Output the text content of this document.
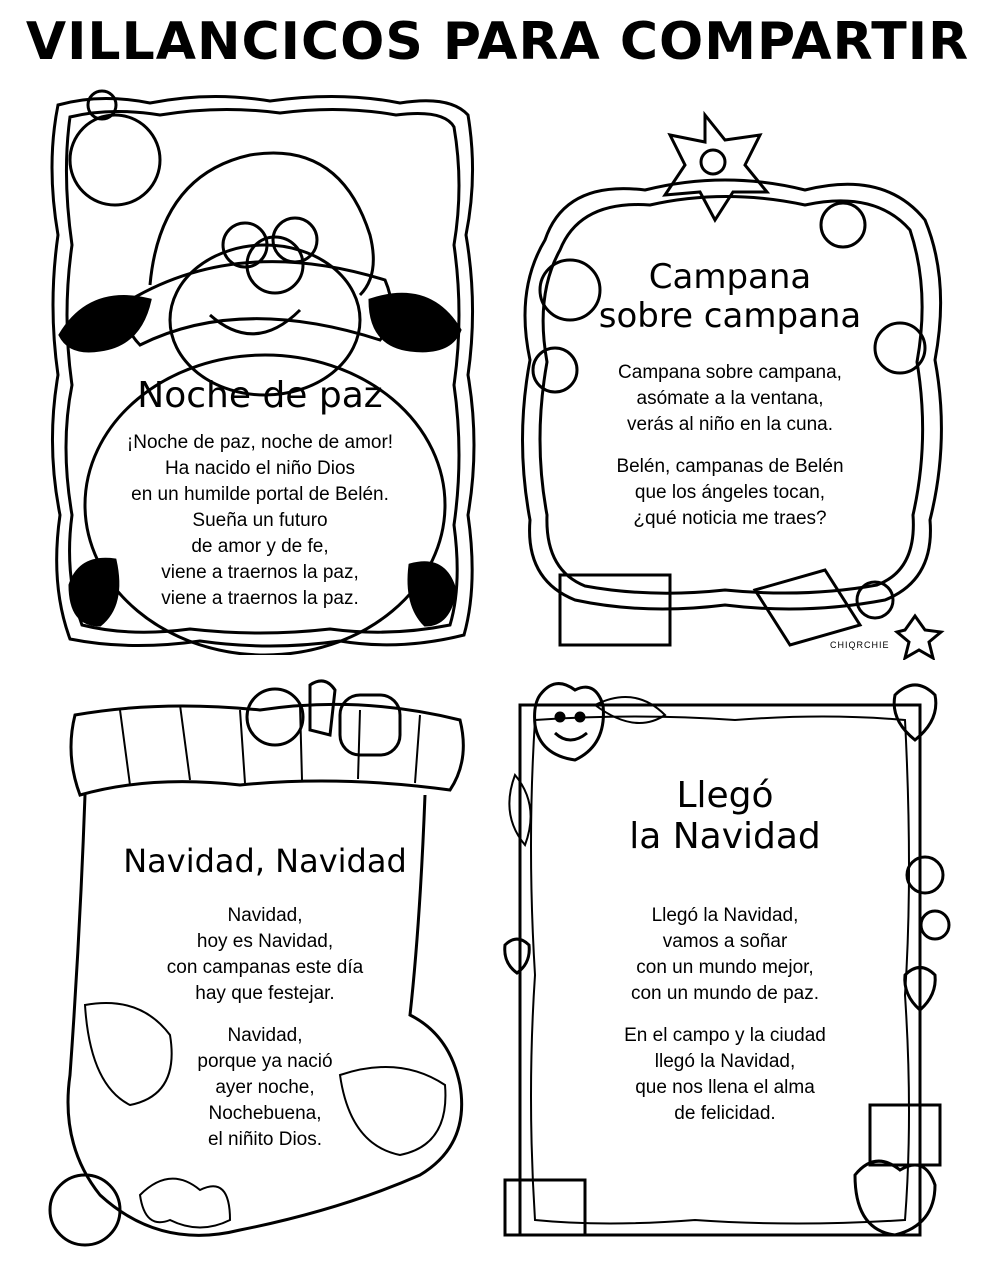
VILLANCICOS PARA COMPARTIR
Noche de paz
¡Noche de paz, noche de amor!
Ha nacido el niño Dios
en un humilde portal de Belén.
Sueña un futuro
de amor y de fe,
viene a traernos la paz,
viene a traernos la paz.
Campana
sobre campana
Campana sobre campana,
asómate a la ventana,
verás al niño en la cuna.
Belén, campanas de Belén
que los ángeles tocan,
¿qué noticia me traes?
CHIQRCHIE
Navidad, Navidad
Navidad,
hoy es Navidad,
con campanas este día
hay que festejar.
Navidad,
porque ya nació
ayer noche,
Nochebuena,
el niñito Dios.
Llegó
la Navidad
Llegó la Navidad,
vamos a soñar
con un mundo mejor,
con un mundo de paz.
En el campo y la ciudad
llegó la Navidad,
que nos llena el alma
de felicidad.
